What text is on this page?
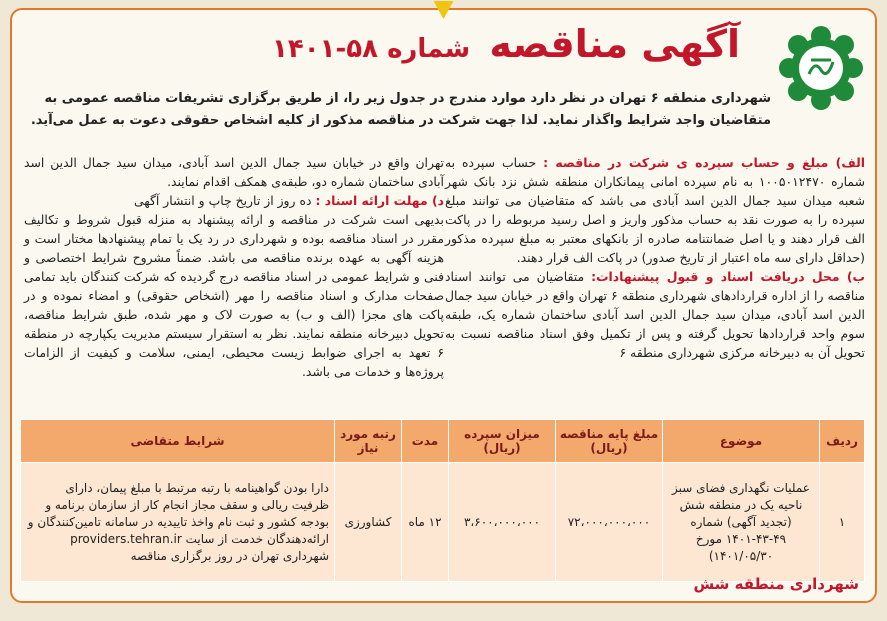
آگهی مناقصه شماره ۵۸-۱۴۰۱
شهرداری منطقه ۶ تهران در نظر دارد موارد مندرج در جدول زیر را، از طریق برگزاری تشریفات مناقصه عمومی به متقاضیان واجد شرایط واگذار نماید. لذا جهت شرکت در مناقصه مذکور از کلیه اشخاص حقوقی دعوت به عمل می‌آید.
الف) مبلغ و حساب سپرده ی شرکت در مناقصه : حساب سپرده به شماره ۱۰۰۵۰۱۲۴۷۰ به نام سپرده امانی پیمانکاران منطقه شش نزد بانک شهر شعبه میدان سید جمال الدین اسد آبادی می باشد که متقاضیان می توانند مبلغ سپرده را به صورت نقد به حساب مذکور واریز و اصل رسید مربوطه را در پاکت الف قرار دهند و یا اصل ضمانتنامه صادره از بانکهای معتبر به مبلغ سپرده مذکور (حداقل دارای سه ماه اعتبار از تاریخ صدور) در پاکت الف قرار دهند.
ب) محل دریافت اسناد و قبول پیشنهادات: متقاضیان می توانند اسناد مناقصه را از اداره قراردادهای شهرداری منطقه ۶ تهران واقع در خیابان سید جمال الدین اسد آبادی، میدان سید جمال الدین اسد آبادی ساختمان شماره یک، طبقه سوم واحد قراردادها تحویل گرفته و پس از تکمیل وفق اسناد مناقصه نسبت به تحویل آن به دبیرخانه مرکزی شهرداری منطقه ۶
تهران واقع در خیابان سید جمال الدین اسد آبادی، میدان سید جمال الدین اسد آبادی ساختمان شماره دو، طبقه‌ی همکف اقدام نمایند.
د) مهلت ارائه اسناد : ده روز از تاریخ چاپ و انتشار آگهی
بدیهی است شرکت در مناقصه و ارائه پیشنهاد به منزله قبول شروط و تکالیف مقرر در اسناد مناقصه بوده و شهرداری در رد یک یا تمام پیشنهادها مختار است و هزینه آگهی به عهده برنده مناقصه می باشد. ضمناً مشروح شرایط اختصاصی و فنی و شرایط عمومی در اسناد مناقصه درج گردیده که شرکت کنندگان باید تمامی صفحات مدارک و اسناد مناقصه را مهر (اشخاص حقوقی) و امضاء نموده و در پاکت های مجزا (الف و ب) به صورت لاک و مهر شده، طبق شرایط مناقصه، تحویل دبیرخانه منطقه نمایند. نظر به استقرار سیستم مدیریت یکپارچه در منطقه ۶ تعهد به اجرای ضوابط زیست محیطی، ایمنی، سلامت و کیفیت از الزامات پروژه‌ها و خدمات می باشد.
ردیف	موضوع	مبلغ پایه مناقصه (ریال)	میزان سپرده (ریال)	مدت	رتبه مورد نیاز	شرایط متقاضی
۱	عملیات نگهداری فضای سبز ناحیه یک در منطقه شش (تجدید آگهی) شماره ۴۹-۴۳-۱۴۰۱ مورخ ۱۴۰۱/۰۵/۳۰)	۷۲،۰۰۰،۰۰۰،۰۰۰	۳،۶۰۰،۰۰۰،۰۰۰	۱۲ ماه	کشاورزی	دارا بودن گواهینامه با رتبه مرتبط با مبلغ پیمان، دارای ظرفیت ریالی و سقف مجاز انجام کار از سازمان برنامه و بودجه کشور و ثبت نام واخذ تاییدیه در سامانه تامین‌کنندگان و ارائه‌دهندگان خدمت از سایت providers.tehran.ir شهرداری تهران در روز برگزاری مناقصه
شهرداری منطقه شش
